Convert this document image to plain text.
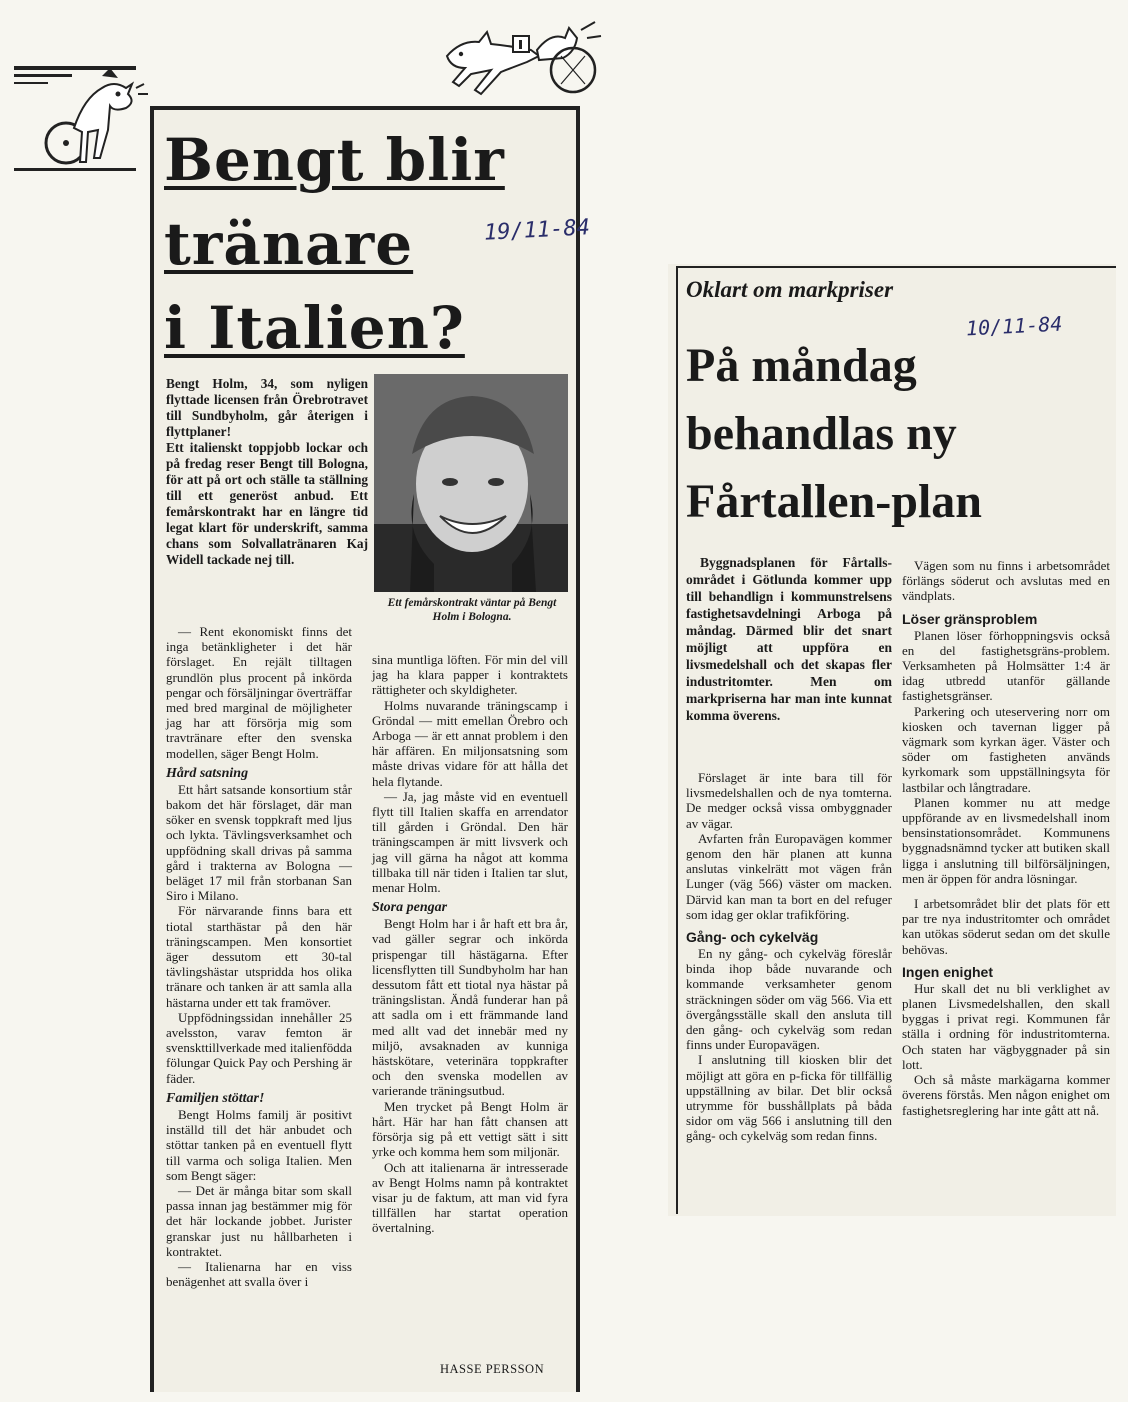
Bengt blir
tränare
i Italien?
19/11-84
Bengt Holm, 34, som nyligen flyttade licensen från Örebrotravet till Sundbyholm, går återigen i flyttplaner!
Ett italienskt toppjobb lockar och på fredag reser Bengt till Bologna, för att på ort och ställe ta ställning till ett generöst anbud. Ett femårskontrakt har en längre tid legat klart för underskrift, samma chans som Solvallatränaren Kaj Widell tackade nej till.
Ett femårskontrakt väntar på Bengt Holm i Bologna.

— Rent ekonomiskt finns det inga betänkligheter i det här förslaget. En rejält tilltagen grundlön plus procent på inkörda pengar och försäljningar överträffar med bred marginal de möjligheter jag har att försörja mig som travtränare efter den svenska modellen, säger Bengt Holm.

Hård satsning

Ett hårt satsande konsortium står bakom det här förslaget, där man söker en svensk toppkraft med ljus och lykta. Tävlingsverksamhet och uppfödning skall drivas på samma gård i trakterna av Bologna — beläget 17 mil från storbanan San Siro i Milano.

För närvarande finns bara ett tiotal starthästar på den här träningscampen. Men konsortiet äger dessutom ett 30-tal tävlingshästar utspridda hos olika tränare och tanken är att samla alla hästarna under ett tak framöver.

Uppfödningssidan innehåller 25 avelsston, varav femton är svenskttillverkade med italienfödda fölungar Quick Pay och Pershing är fäder.

Familjen stöttar!

Bengt Holms familj är positivt inställd till det här anbudet och stöttar tanken på en eventuell flytt till varma och soliga Italien. Men som Bengt säger:

— Det är många bitar som skall passa innan jag bestämmer mig för det här lockande jobbet. Jurister granskar just nu hållbarheten i kontraktet.

— Italienarna har en viss benägenhet att svalla över i

sina muntliga löften. För min del vill jag ha klara papper i kontraktets rättigheter och skyldigheter.

Holms nuvarande träningscamp i Gröndal — mitt emellan Örebro och Arboga — är ett annat problem i den här affären. En miljonsatsning som måste drivas vidare för att hålla det hela flytande.

— Ja, jag måste vid en eventuell flytt till Italien skaffa en arrendator till gården i Gröndal. Den här träningscampen är mitt livsverk och jag vill gärna ha något att komma tillbaka till när tiden i Italien tar slut, menar Holm.

Stora pengar

Bengt Holm har i år haft ett bra år, vad gäller segrar och inkörda prispengar till hästägarna. Efter licensflytten till Sundbyholm har han dessutom fått ett tiotal nya hästar på träningslistan. Ändå funderar han på att sadla om i ett främmande land med allt vad det innebär med ny miljö, avsaknaden av kunniga hästskötare, veterinära toppkrafter och den svenska modellen av varierande träningsutbud.

Men trycket på Bengt Holm är hårt. Här har han fått chansen att försörja sig på ett vettigt sätt i sitt yrke och komma hem som miljonär.

Och att italienarna är intresserade av Bengt Holms namn på kontraktet visar ju de faktum, att man vid fyra tillfällen har startat operation övertalning.

HASSE PERSSON
Oklart om markpriser
10/11-84
På måndag
behandlas ny
Fårtallen-plan
Byggnadsplanen för Fårtalls-området i Götlunda kommer upp till behandlign i kommunstrelsens fastighetsavdelningi Arboga på måndag. Därmed blir det snart möjligt att uppföra en livsmedelshall och det skapas fler industritomter. Men om markpriserna har man inte kunnat komma överens.

Förslaget är inte bara till för livsmedelshallen och de nya tomterna. De medger också vissa ombyggnader av vägar.

Avfarten från Europavägen kommer genom den här planen att kunna anslutas vinkelrätt mot vägen från Lunger (väg 566) väster om macken. Därvid kan man ta bort en del refuger som idag ger oklar trafikföring.

Gång- och cykelväg

En ny gång- och cykelväg föreslår binda ihop både nuvarande och kommande verksamheter genom sträckningen söder om väg 566. Via ett övergångsställe skall den ansluta till den gång- och cykelväg som redan finns under Europavägen.

I anslutning till kiosken blir det möjligt att göra en p-ficka för tillfällig uppställning av bilar. Det blir också utrymme för busshållplats på båda sidor om väg 566 i anslutning till den gång- och cykelväg som redan finns.

Vägen som nu finns i arbetsområdet förlängs söderut och avslutas med en vändplats.

Löser gränsproblem

Planen löser förhoppningsvis också en del fastighetsgräns-problem. Verksamheten på Holmsätter 1:4 är idag utbredd utanför gällande fastighetsgränser.

Parkering och uteservering norr om kiosken och tavernan ligger på vägmark som kyrkan äger. Väster och söder om fastigheten används kyrkomark som uppställningsyta för lastbilar och långtradare.

Planen kommer nu att medge uppförande av en livsmedelshall inom bensinstationsområdet. Kommunens byggnadsnämnd tycker att butiken skall ligga i anslutning till bilförsäljningen, men är öppen för andra lösningar.

I arbetsområdet blir det plats för ett par tre nya industritomter och området kan utökas söderut sedan om det skulle behövas.

Ingen enighet

Hur skall det nu bli verklighet av planen Livsmedelshallen, den skall byggas i privat regi. Kommunen får ställa i ordning för industritomterna. Och staten har vägbyggnader på sin lott.

Och så måste markägarna kommer överens förstås. Men någon enighet om fastighetsreglering har inte gått att nå.
